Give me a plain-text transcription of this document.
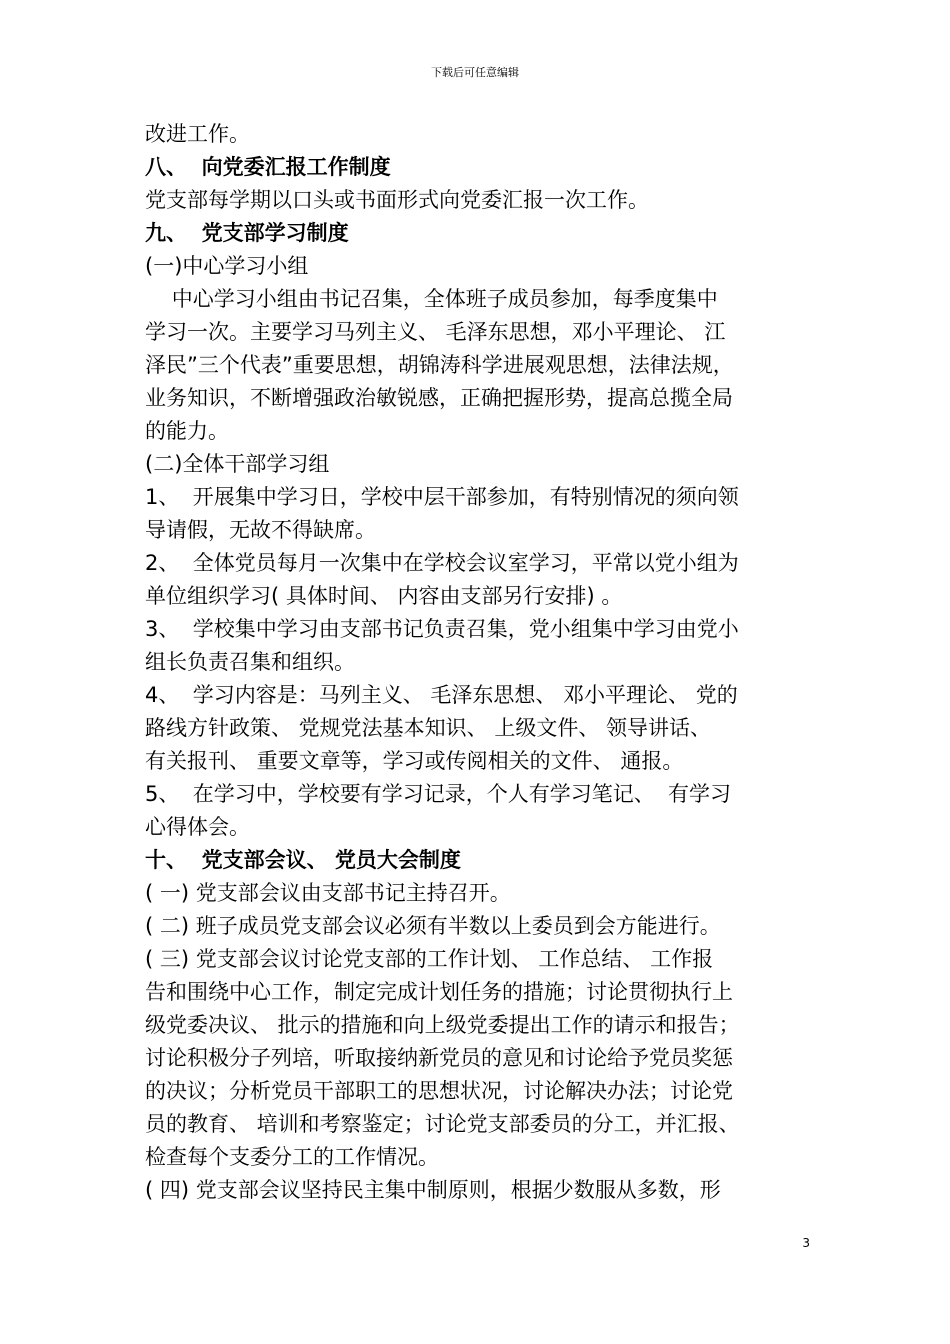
下载后可任意编辑
改进工作。
八、  向党委汇报工作制度
党支部每学期以口头或书面形式向党委汇报一次工作。
九、  党支部学习制度
(一)中心学习小组
中心学习小组由书记召集，全体班子成员参加，每季度集中
学习一次。主要学习马列主义、 毛泽东思想，邓小平理论、 江
泽民”三个代表”重要思想，胡锦涛科学进展观思想，法律法规，
业务知识，不断增强政治敏锐感，正确把握形势，提高总揽全局
的能力。
(二)全体干部学习组
1、  开展集中学习日，学校中层干部参加，有特别情况的须向领
导请假，无故不得缺席。
2、  全体党员每月一次集中在学校会议室学习，平常以党小组为
单位组织学习( 具体时间、 内容由支部另行安排) 。
3、  学校集中学习由支部书记负责召集，党小组集中学习由党小
组长负责召集和组织。
4、  学习内容是：马列主义、 毛泽东思想、 邓小平理论、 党的
路线方针政策、 党规党法基本知识、 上级文件、 领导讲话、
有关报刊、 重要文章等，学习或传阅相关的文件、 通报。
5、  在学习中，学校要有学习记录，个人有学习笔记、  有学习
心得体会。
十、  党支部会议、 党员大会制度
( 一) 党支部会议由支部书记主持召开。
( 二) 班子成员党支部会议必须有半数以上委员到会方能进行。
( 三) 党支部会议讨论党支部的工作计划、 工作总结、 工作报
告和围绕中心工作，制定完成计划任务的措施；讨论贯彻执行上
级党委决议、 批示的措施和向上级党委提出工作的请示和报告；
讨论积极分子列培，听取接纳新党员的意见和讨论给予党员奖惩
的决议；分析党员干部职工的思想状况，讨论解决办法；讨论党
员的教育、 培训和考察鉴定；讨论党支部委员的分工，并汇报、
检查每个支委分工的工作情况。
( 四) 党支部会议坚持民主集中制原则，根据少数服从多数，形
3
